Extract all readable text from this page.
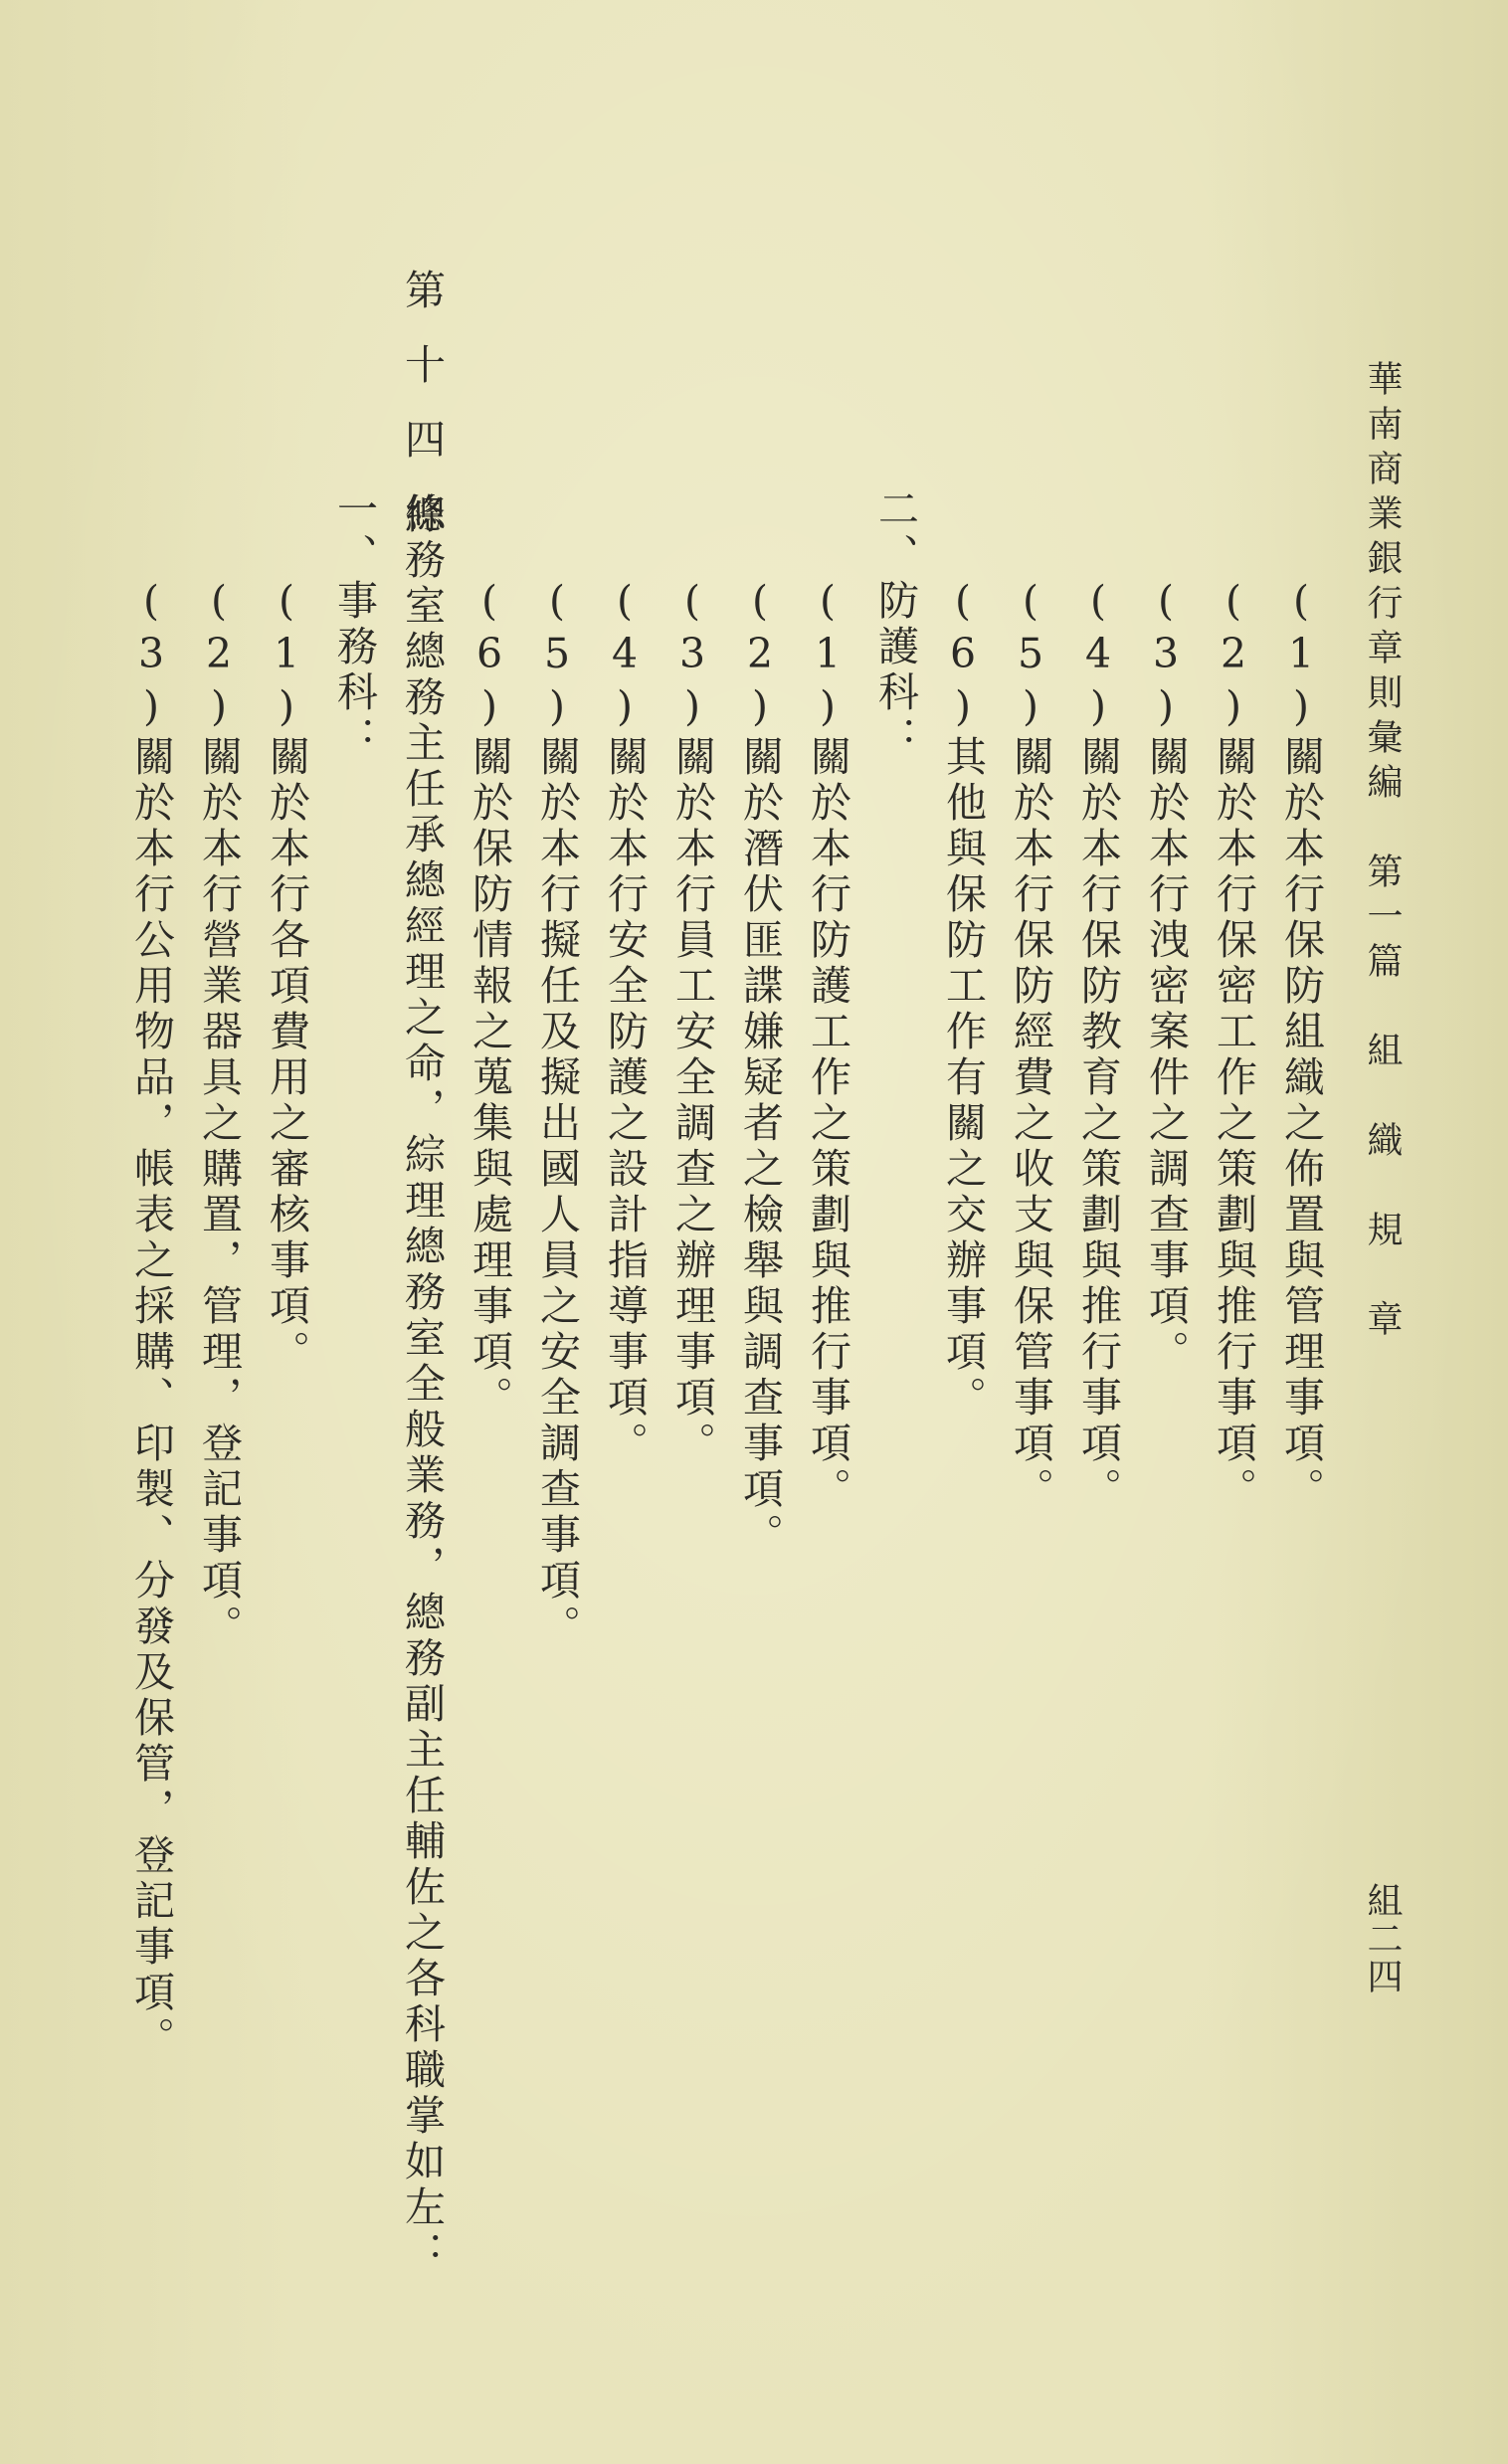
華南商業銀行章則彙編　第一篇　組　織　規　章
組二四
(1)關於本行保防組織之佈置與管理事項。
(2)關於本行保密工作之策劃與推行事項。
(3)關於本行洩密案件之調查事項。
(4)關於本行保防教育之策劃與推行事項。
(5)關於本行保防經費之收支與保管事項。
(6)其他與保防工作有關之交辦事項。
二、防護科：
(1)關於本行防護工作之策劃與推行事項。
(2)關於潛伏匪諜嫌疑者之檢舉與調查事項。
(3)關於本行員工安全調查之辦理事項。
(4)關於本行安全防護之設計指導事項。
(5)關於本行擬任及擬出國人員之安全調查事項。
(6)關於保防情報之蒐集與處理事項。
第十四條
總務室總務主任承總經理之命，綜理總務室全般業務，總務副主任輔佐之各科職掌如左：
一、事務科：
(1)關於本行各項費用之審核事項。
(2)關於本行營業器具之購置，管理，登記事項。
(3)關於本行公用物品，帳表之採購、印製、分發及保管，登記事項。
